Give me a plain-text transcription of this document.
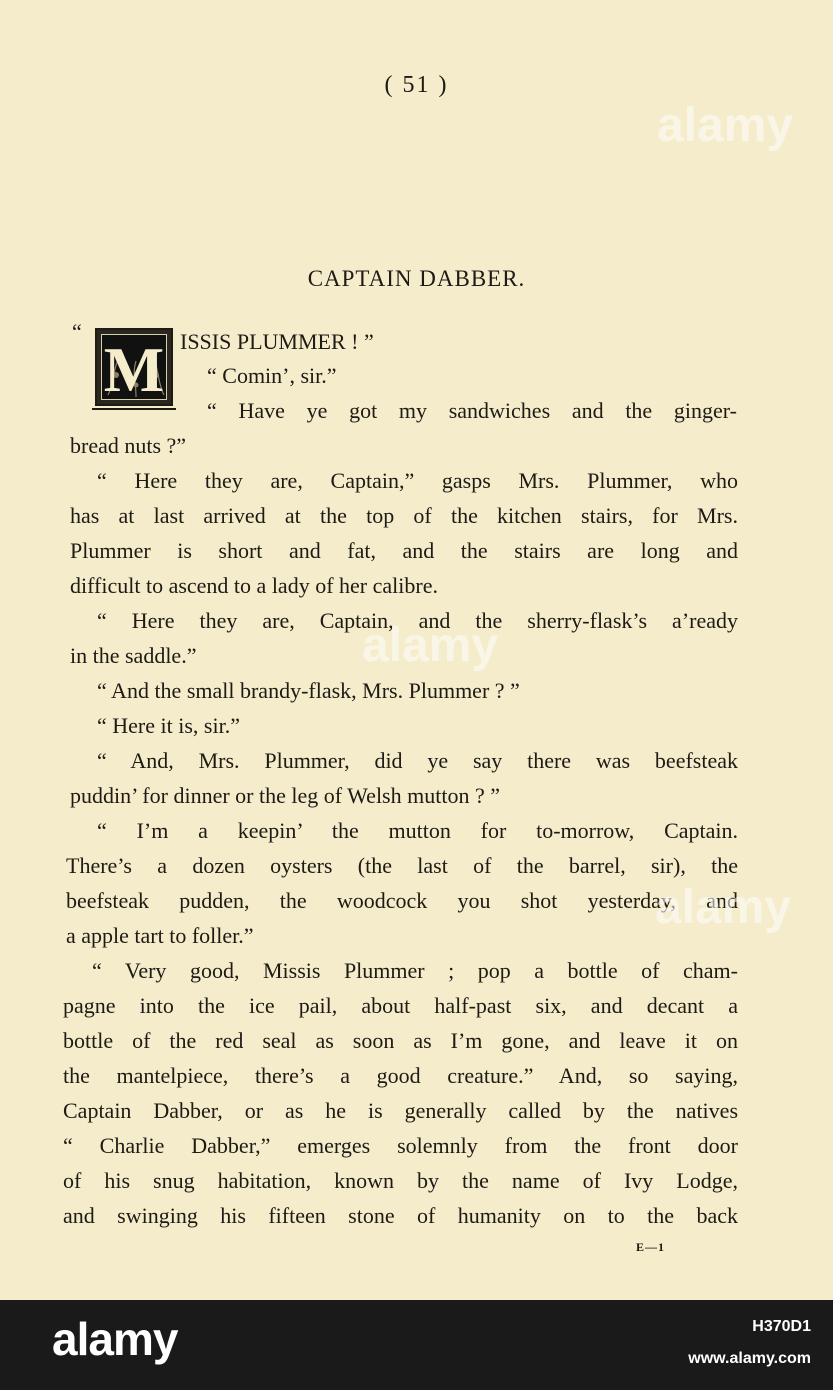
( 51 )
CAPTAIN DABBER.
M
“	ISSIS PLUMMER ! ”
“ Comin’, sir.”
“ Have ye got my sandwiches and the ginger-
bread nuts ?”
“ Here they are, Captain,” gasps Mrs. Plummer, who
has at last arrived at the top of the kitchen stairs, for Mrs.
Plummer is short and fat, and the stairs are long and
difficult to ascend to a lady of her calibre.
“ Here they are, Captain, and the sherry-flask’s a’ready
in the saddle.”
“ And the small brandy-flask, Mrs. Plummer ? ”
“ Here it is, sir.”
“ And, Mrs. Plummer, did ye say there was beefsteak
puddin’ for dinner or the leg of Welsh mutton ? ”
“ I’m a keepin’ the mutton for to-morrow, Captain.
There’s a dozen oysters (the last of the barrel, sir), the
beefsteak pudden, the woodcock you shot yesterday, and
a apple tart to foller.”
“ Very good, Missis Plummer ; pop a bottle of cham-
pagne into the ice pail, about half-past six, and decant a
bottle of the red seal as soon as I’m gone, and leave it on
the mantelpiece, there’s a good creature.” And, so saying,
Captain Dabber, or as he is generally called by the natives
“ Charlie Dabber,” emerges solemnly from the front door
of his snug habitation, known by the name of Ivy Lodge,
and swinging his fifteen stone of humanity on to the back
E—1
alamy
alamy
alamy
alamy	H370D1
www.alamy.com
